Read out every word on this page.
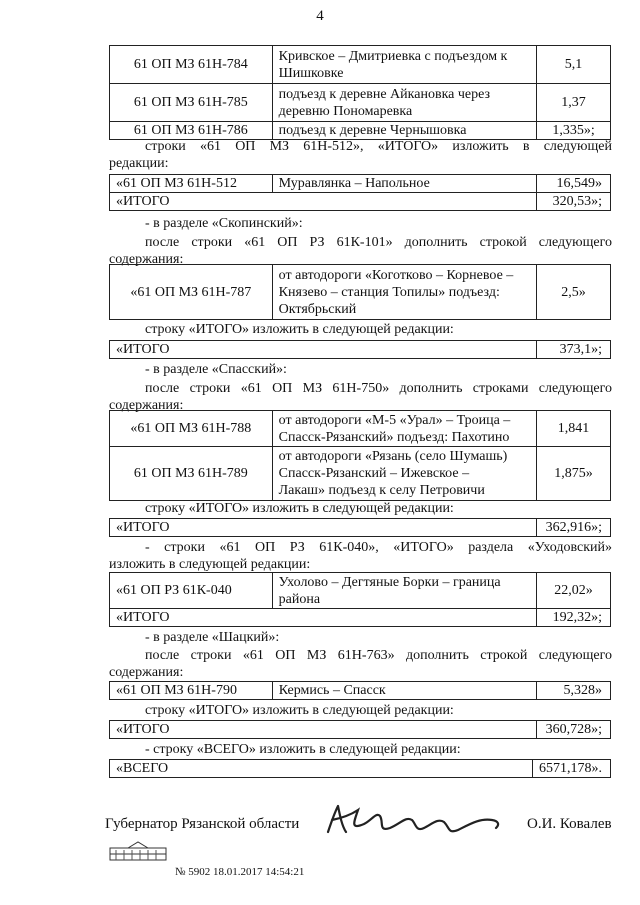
4
61 ОП МЗ 61Н-784	Кривское – Дмитриевка с подъездом к
Шишковке	5,1
61 ОП МЗ 61Н-785	подъезд к деревне Айкановка через
деревню Пономаревка	1,37
61 ОП МЗ 61Н-786	подъезд к деревне Чернышовка	1,335»;
строки «61 ОП МЗ 61Н-512», «ИТОГО» изложить в следующей
редакции:
«61 ОП МЗ 61Н-512	Муравлянка – Напольное	16,549»
«ИТОГО		320,53»;
- в разделе «Скопинский»:
после строки «61 ОП РЗ 61К-101» дополнить строкой следующего
содержания:
«61 ОП МЗ 61Н-787	от автодороги «Коготково – Корневое –
Князево – станция Топилы» подъезд:
Октябрьский	2,5»
строку «ИТОГО» изложить в следующей редакции:
«ИТОГО	373,1»;
- в разделе «Спасский»:
после строки «61 ОП МЗ 61Н-750» дополнить строками следующего
содержания:
«61 ОП МЗ 61Н-788	от автодороги «М-5 «Урал» – Троица –
Спасск-Рязанский» подъезд: Пахотино	1,841
61 ОП МЗ 61Н-789	от автодороги «Рязань (село Шумашь)
Спасск-Рязанский – Ижевское –
Лакаш» подъезд к селу Петровичи	1,875»
строку «ИТОГО» изложить в следующей редакции:
«ИТОГО	362,916»;
- строки «61 ОП РЗ 61К-040», «ИТОГО» раздела «Уходовский»
изложить в следующей редакции:
«61 ОП РЗ 61К-040	Ухолово – Дегтяные Борки – граница
района	22,02»
«ИТОГО		192,32»;
- в разделе «Шацкий»:
после строки «61 ОП МЗ 61Н-763» дополнить строкой следующего
содержания:
«61 ОП МЗ 61Н-790	Кермись – Спасск	5,328»
строку «ИТОГО» изложить в следующей редакции:
«ИТОГО	360,728»;
- строку «ВСЕГО» изложить в следующей редакции:
«ВСЕГО	6571,178».
Губернатор Рязанской области	О.И. Ковалев
№ 5902 18.01.2017 14:54:21
